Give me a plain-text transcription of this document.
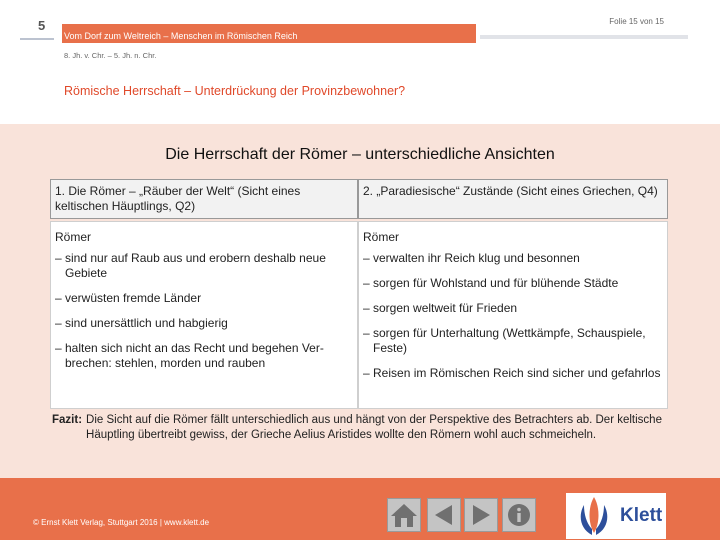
5
Vom Dorf zum Weltreich – Menschen im Römischen Reich
Folie 15 von 15
8. Jh. v. Chr. – 5. Jh. n. Chr.
Römische Herrschaft – Unterdrückung der Provinzbewohner?
Die Herrschaft der Römer – unterschiedliche Ansichten
1. Die Römer – „Räuber der Welt“ (Sicht eines keltischen Häuptlings, Q2)
2. „Paradiesische“ Zustände (Sicht eines Griechen, Q4)
Römer
– sind nur auf Raub aus und erobern deshalb neue Gebiete
– verwüsten fremde Länder
– sind unersättlich und habgierig
– halten sich nicht an das Recht und begehen Ver-brechen: stehlen, morden und rauben
Römer
– verwalten ihr Reich klug und besonnen
– sorgen für Wohlstand und für blühende Städte
– sorgen weltweit für Frieden
– sorgen für Unterhaltung (Wettkämpfe, Schauspiele, Feste)
– Reisen im Römischen Reich sind sicher und gefahrlos
Fazit: Die Sicht auf die Römer fällt unterschiedlich aus und hängt von der Perspektive des Betrachters ab. Der keltische Häuptling übertreibt gewiss, der Grieche Aelius Aristides wollte den Römern wohl auch schmeicheln.
© Ernst Klett Verlag, Stuttgart 2016 | www.klett.de	Klett
